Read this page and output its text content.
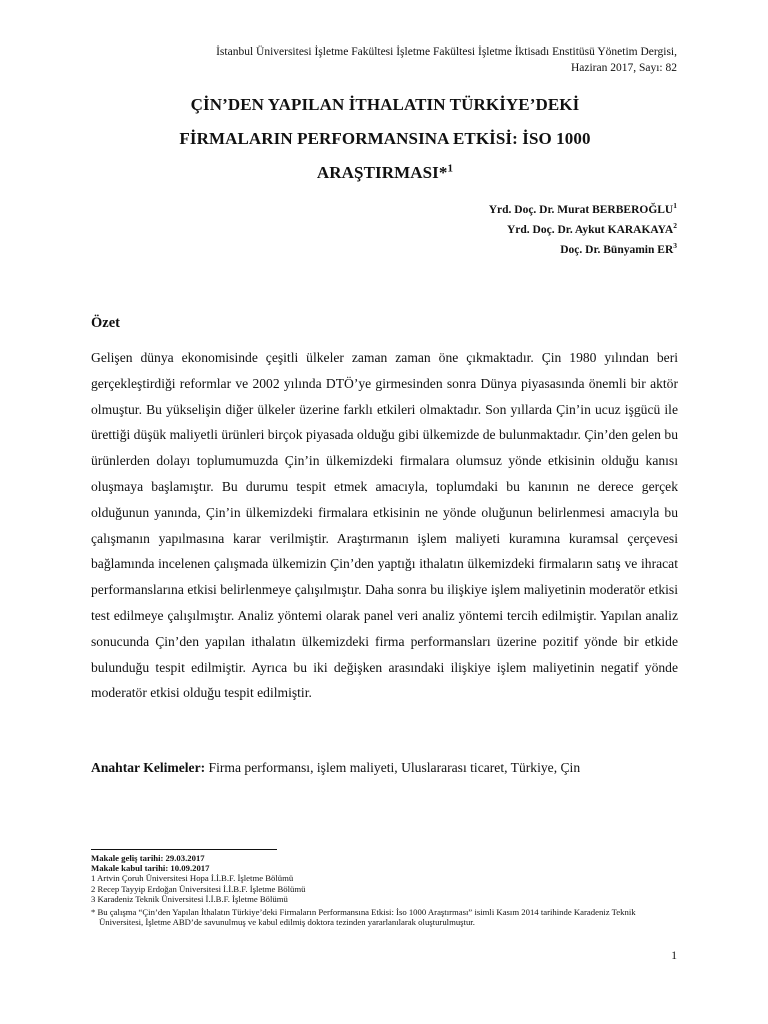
İstanbul Üniversitesi İşletme Fakültesi İşletme Fakültesi İşletme İktisadı Enstitüsü Yönetim Dergisi,
Haziran 2017, Sayı: 82
ÇİN’DEN YAPILAN İTHALATIN TÜRKİYE’DEKİ
FİRMALARIN PERFORMANSINA ETKİSİ: İSO 1000
ARAŞTIRMASI*$^1$
Yrd. Doç. Dr. Murat BERBEROĞLU$^1$
Yrd. Doç. Dr. Aykut KARAKAYA$^2$
Doç. Dr. Bünyamin $ER^3$
Özet

Gelişen dünya ekonomisinde çeşitli ülkeler zaman zaman öne çıkmaktadır. Çin 1980 yılından beri gerçekleştirdiği reformlar ve 2002 yılında DTÖ’ye girmesinden sonra Dünya piyasasında önemli bir aktör olmuştur. Bu yükselişin diğer ülkeler üzerine farklı etkileri olmaktadır. Son yıllarda Çin’in ucuz işgücü ile ürettiği düşük maliyetli ürünleri birçok piyasada olduğu gibi ülkemizde de bulunmaktadır. Çin’den gelen bu ürünlerden dolayı toplumumuzda Çin’in ülkemizdeki firmalara olumsuz yönde etkisinin olduğu kanısı oluşmaya başlamıştır. Bu durumu tespit etmek amacıyla, toplumdaki bu kanının ne derece gerçek olduğunun yanında, Çin’in ülkemizdeki firmalara etkisinin ne yönde oluğunun belirlenmesi amacıyla bu çalışmanın yapılmasına karar verilmiştir. Araştırmanın işlem maliyeti kuramına kuramsal çerçevesi bağlamında incelenen çalışmada ülkemizin Çin’den yaptığı ithalatın ülkemizdeki firmaların satış ve ihracat performanslarına etkisi belirlenmeye çalışılmıştır. Daha sonra bu ilişkiye işlem maliyetinin moderatör etkisi test edilmeye çalışılmıştır. Analiz yöntemi olarak panel veri analiz yöntemi tercih edilmiştir. Yapılan analiz sonucunda Çin’den yapılan ithalatın ülkemizdeki firma performansları üzerine pozitif yönde bir etkide bulunduğu tespit edilmiştir. Ayrıca bu iki değişken arasındaki ilişkiye işlem maliyetinin negatif yönde moderatör etkisi olduğu tespit edilmiştir.

Anahtar Kelimeler: Firma performansı, işlem maliyeti, Uluslararası ticaret, Türkiye, Çin

Makale geliş tarihi: 29.03.2017
Makale kabul tarihi: 10.09.2017
1 Artvin Çoruh Üniversitesi Hopa İ.İ.B.F. İşletme Bölümü
2 Recep Tayyip Erdoğan Üniversitesi İ.İ.B.F. İşletme Bölümü
3 Karadeniz Teknik Üniversitesi İ.İ.B.F. İşletme Bölümü
* Bu çalışma “Çin’den Yapılan İthalatın Türkiye’deki Firmaların Performansına Etkisi: İso 1000 Araştırması” isimli Kasım 2014 tarihinde Karadeniz Teknik Üniversitesi, İşletme ABD’de savunulmuş ve kabul edilmiş doktora tezinden yararlanılarak oluşturulmuştur.
1
